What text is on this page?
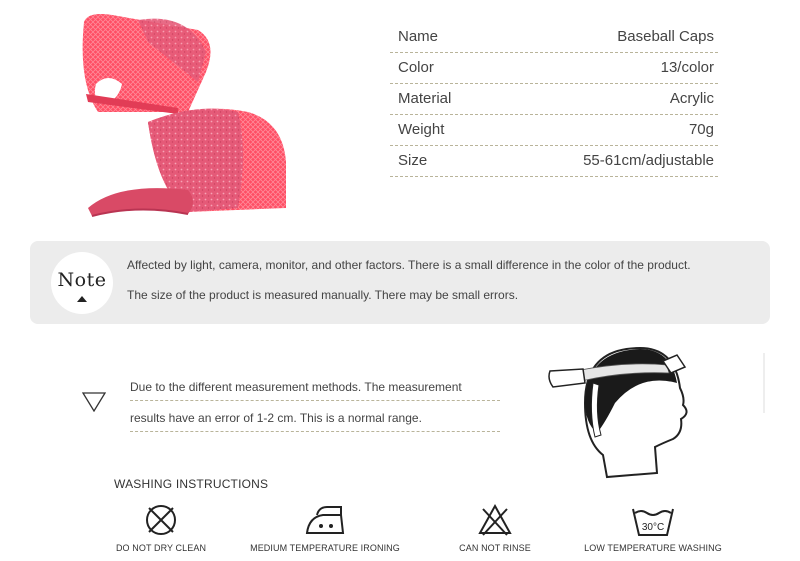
Name	Baseball Caps
Color	13/color
Material	Acrylic
Weight	70g
Size	55-61cm/adjustable
Note
Affected by light, camera, monitor, and other factors. There is a small difference in the color of the product.
The size of the product is measured manually. There may be small errors.
Due to the different measurement methods. The measurement
results have an error of 1-2 cm. This is a normal range.
WASHING INSTRUCTIONS
DO NOT DRY CLEAN	MEDIUM TEMPERATURE IRONING	CAN NOT RINSE
30°C
LOW TEMPERATURE WASHING
